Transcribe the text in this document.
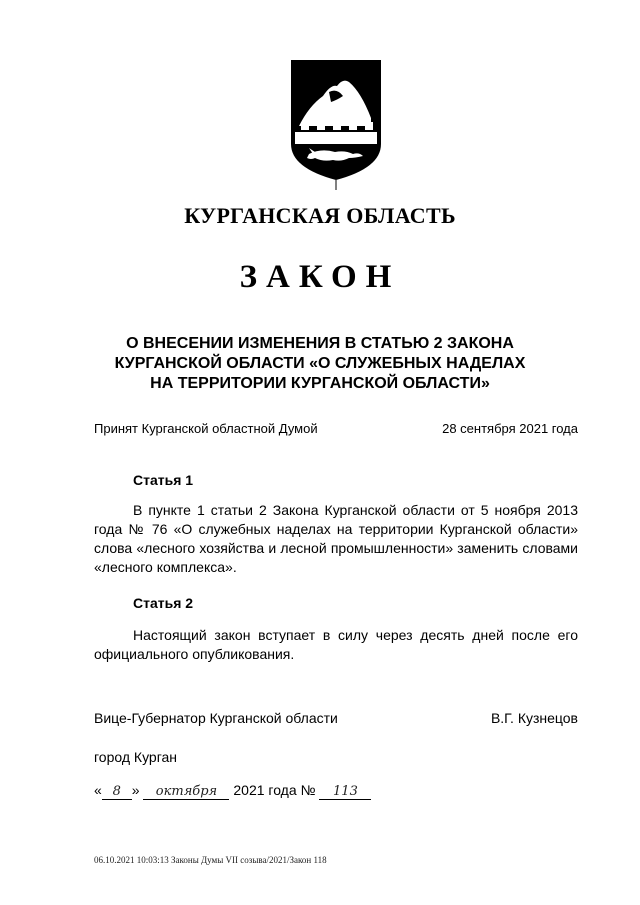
КУРГАНСКАЯ ОБЛАСТЬ
ЗАКОН
О ВНЕСЕНИИ ИЗМЕНЕНИЯ В СТАТЬЮ 2 ЗАКОНА
КУРГАНСКОЙ ОБЛАСТИ «О СЛУЖЕБНЫХ НАДЕЛАХ
НА ТЕРРИТОРИИ КУРГАНСКОЙ ОБЛАСТИ»
Принят Курганской областной Думой	28 сентября 2021 года
Статья 1

В пункте 1 статьи 2 Закона Курганской области от 5 ноября 2013 года № 76 «О служебных наделах на территории Курганской области» слова «лесного хозяйства и лесной промышленности» заменить словами «лесного комплекса».

Статья 2

Настоящий закон вступает в силу через десять дней после его официального опубликования.

Вице-Губернатор Курганской области	В.Г. Кузнецов
город Курган
« 8 » октября 2021 года № 113
06.10.2021 10:03:13 Законы Думы VII созыва/2021/Закон 118
